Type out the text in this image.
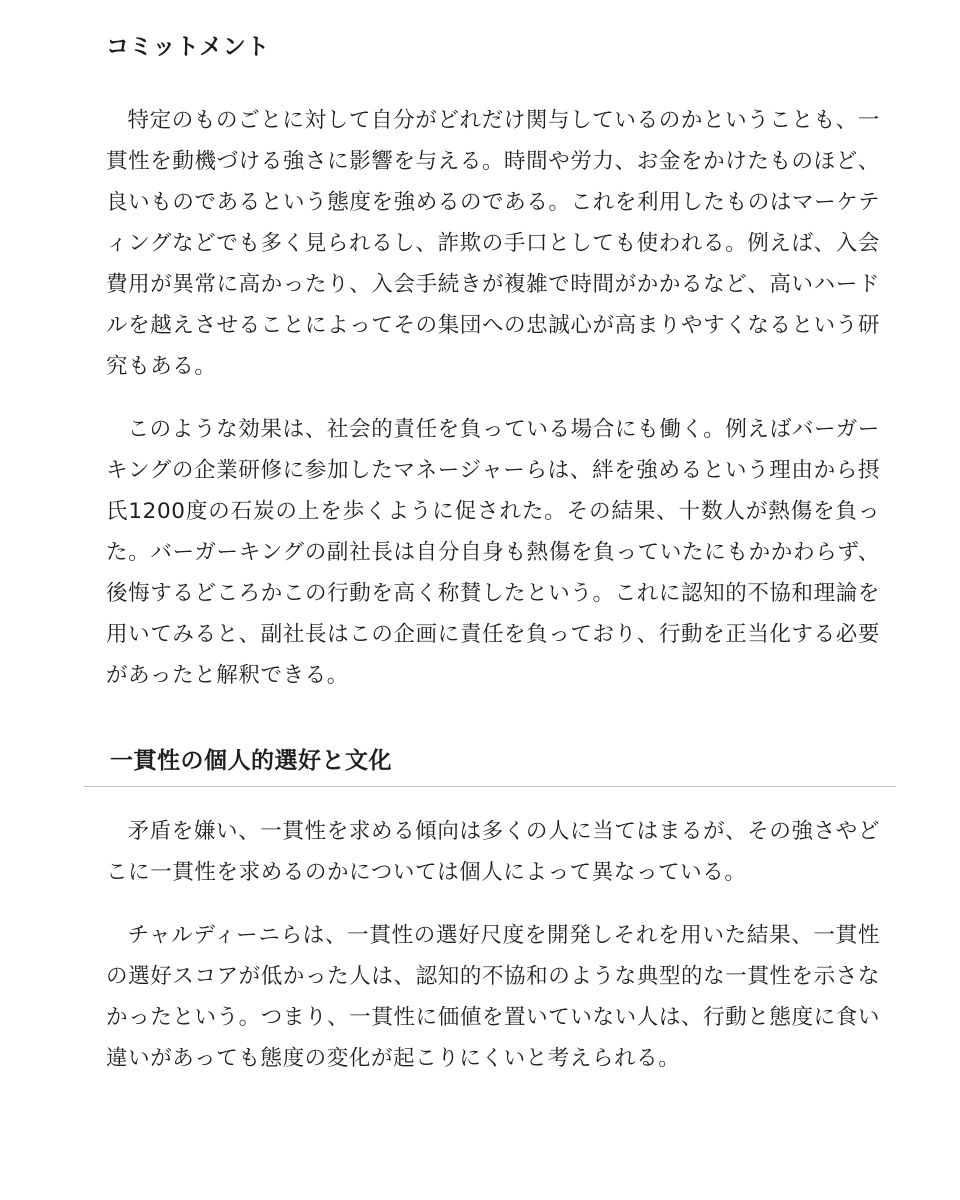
コミットメント

特定のものごとに対して自分がどれだけ関与しているのかということも、一貫性を動機づける強さに影響を与える。時間や労力、お金をかけたものほど、良いものであるという態度を強めるのである。これを利用したものはマーケティングなどでも多く見られるし、詐欺の手口としても使われる。例えば、入会費用が異常に高かったり、入会手続きが複雑で時間がかかるなど、高いハードルを越えさせることによってその集団への忠誠心が高まりやすくなるという研究もある。

このような効果は、社会的責任を負っている場合にも働く。例えばバーガーキングの企業研修に参加したマネージャーらは、絆を強めるという理由から摂氏1200度の石炭の上を歩くように促された。その結果、十数人が熱傷を負った。バーガーキングの副社長は自分自身も熱傷を負っていたにもかかわらず、後悔するどころかこの行動を高く称賛したという。これに認知的不協和理論を用いてみると、副社長はこの企画に責任を負っており、行動を正当化する必要があったと解釈できる。

一貫性の個人的選好と文化

矛盾を嫌い、一貫性を求める傾向は多くの人に当てはまるが、その強さやどこに一貫性を求めるのかについては個人によって異なっている。

チャルディーニらは、一貫性の選好尺度を開発しそれを用いた結果、一貫性の選好スコアが低かった人は、認知的不協和のような典型的な一貫性を示さなかったという。つまり、一貫性に価値を置いていない人は、行動と態度に食い違いがあっても態度の変化が起こりにくいと考えられる。
